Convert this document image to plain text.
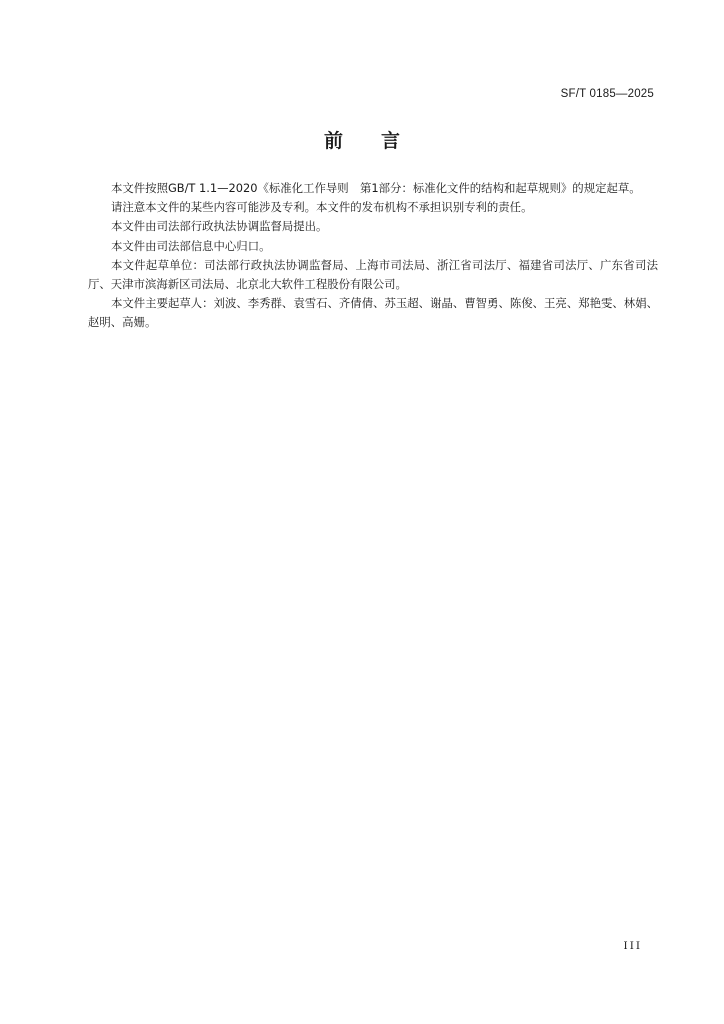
SF/T 0185—2025
前言

本文件按照GB/T 1.1—2020《标准化工作导则　第1部分：标准化文件的结构和起草规则》的规定起草。

请注意本文件的某些内容可能涉及专利。本文件的发布机构不承担识别专利的责任。

本文件由司法部行政执法协调监督局提出。

本文件由司法部信息中心归口。

本文件起草单位：司法部行政执法协调监督局、上海市司法局、浙江省司法厅、福建省司法厅、广东省司法厅、天津市滨海新区司法局、北京北大软件工程股份有限公司。

本文件主要起草人：刘波、李秀群、袁雪石、齐倩倩、苏玉超、谢晶、曹智勇、陈俊、王亮、郑艳雯、林娟、赵明、高姗。

III
